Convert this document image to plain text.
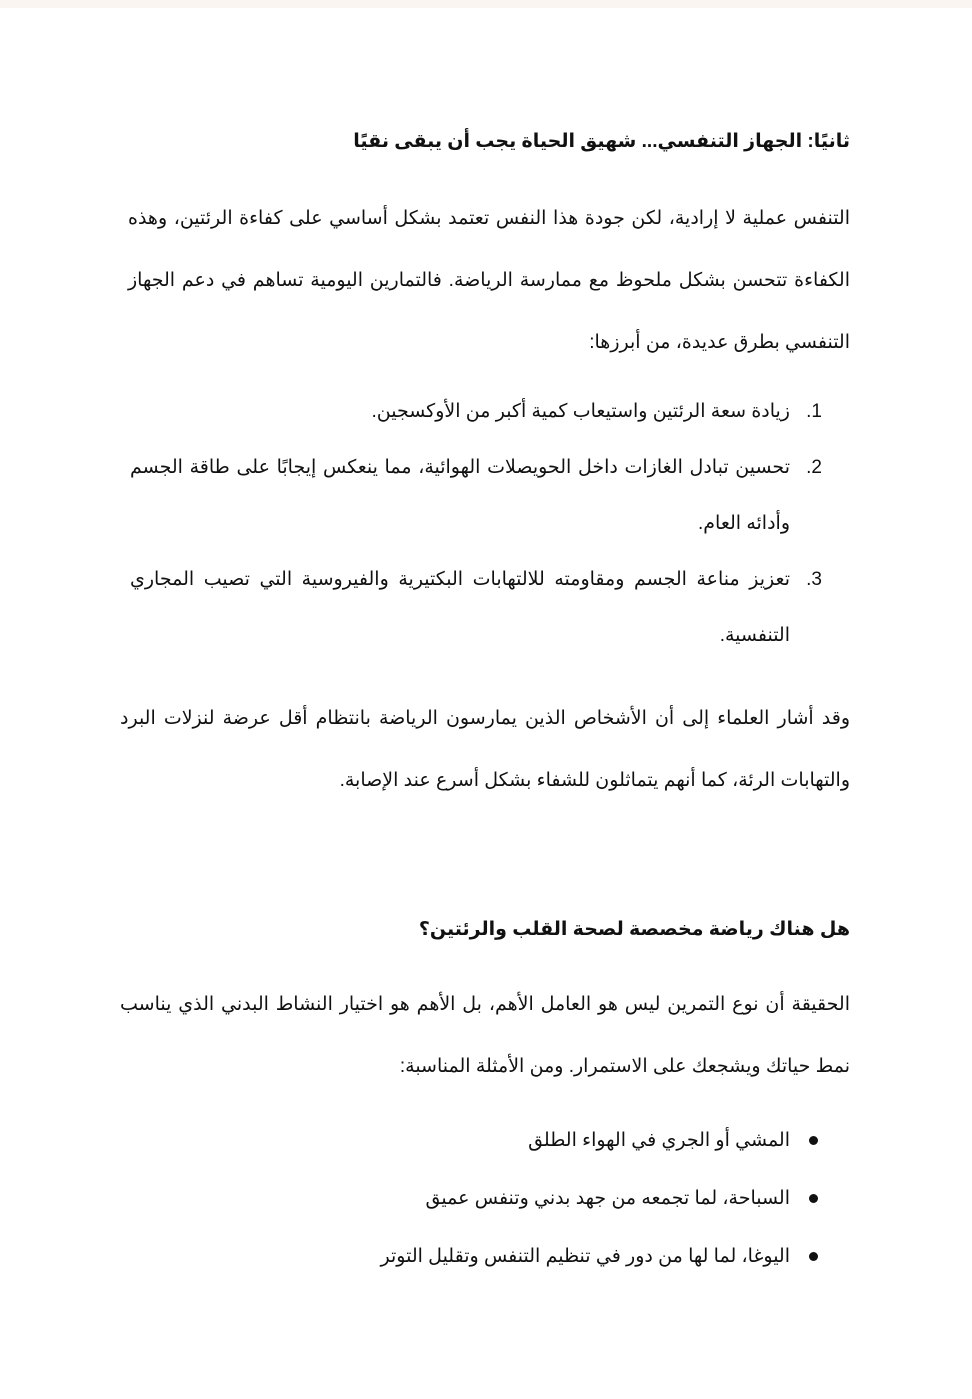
ثانيًا: الجهاز التنفسي... شهيق الحياة يجب أن يبقى نقيًا
التنفس عملية لا إرادية، لكن جودة هذا النفس تعتمد بشكل أساسي على كفاءة الرئتين، وهذه الكفاءة تتحسن بشكل ملحوظ مع ممارسة الرياضة. فالتمارين اليومية تساهم في دعم الجهاز التنفسي بطرق عديدة، من أبرزها:
1.
زيادة سعة الرئتين واستيعاب كمية أكبر من الأوكسجين.
2.
تحسين تبادل الغازات داخل الحويصلات الهوائية، مما ينعكس إيجابًا على طاقة الجسم وأدائه العام.
3.
تعزيز مناعة الجسم ومقاومته للالتهابات البكتيرية والفيروسية التي تصيب المجاري التنفسية.
وقد أشار العلماء إلى أن الأشخاص الذين يمارسون الرياضة بانتظام أقل عرضة لنزلات البرد والتهابات الرئة، كما أنهم يتماثلون للشفاء بشكل أسرع عند الإصابة.
هل هناك رياضة مخصصة لصحة القلب والرئتين؟
الحقيقة أن نوع التمرين ليس هو العامل الأهم، بل الأهم هو اختيار النشاط البدني الذي يناسب نمط حياتك ويشجعك على الاستمرار. ومن الأمثلة المناسبة:
المشي أو الجري في الهواء الطلق
السباحة، لما تجمعه من جهد بدني وتنفس عميق
اليوغا، لما لها من دور في تنظيم التنفس وتقليل التوتر
